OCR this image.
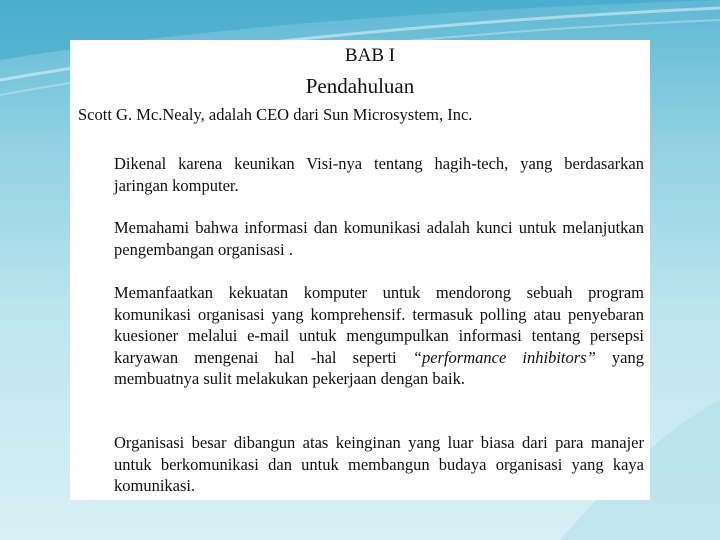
BAB I
Pendahuluan

Scott G. Mc.Nealy, adalah CEO dari Sun Microsystem, Inc.

Dikenal karena keunikan Visi-nya tentang hagih-tech, yang berdasarkan jaringan komputer.

Memahami bahwa informasi dan komunikasi adalah kunci untuk melanjutkan pengembangan organisasi .

Memanfaatkan kekuatan komputer untuk mendorong sebuah program komunikasi organisasi yang komprehensif. termasuk polling atau penyebaran kuesioner melalui e-mail untuk mengumpulkan informasi tentang persepsi karyawan mengenai hal -hal seperti “performance inhibitors” yang membuatnya sulit melakukan pekerjaan dengan baik.

Organisasi besar dibangun atas keinginan yang luar biasa dari para manajer untuk berkomunikasi dan untuk membangun budaya organisasi yang kaya komunikasi.
